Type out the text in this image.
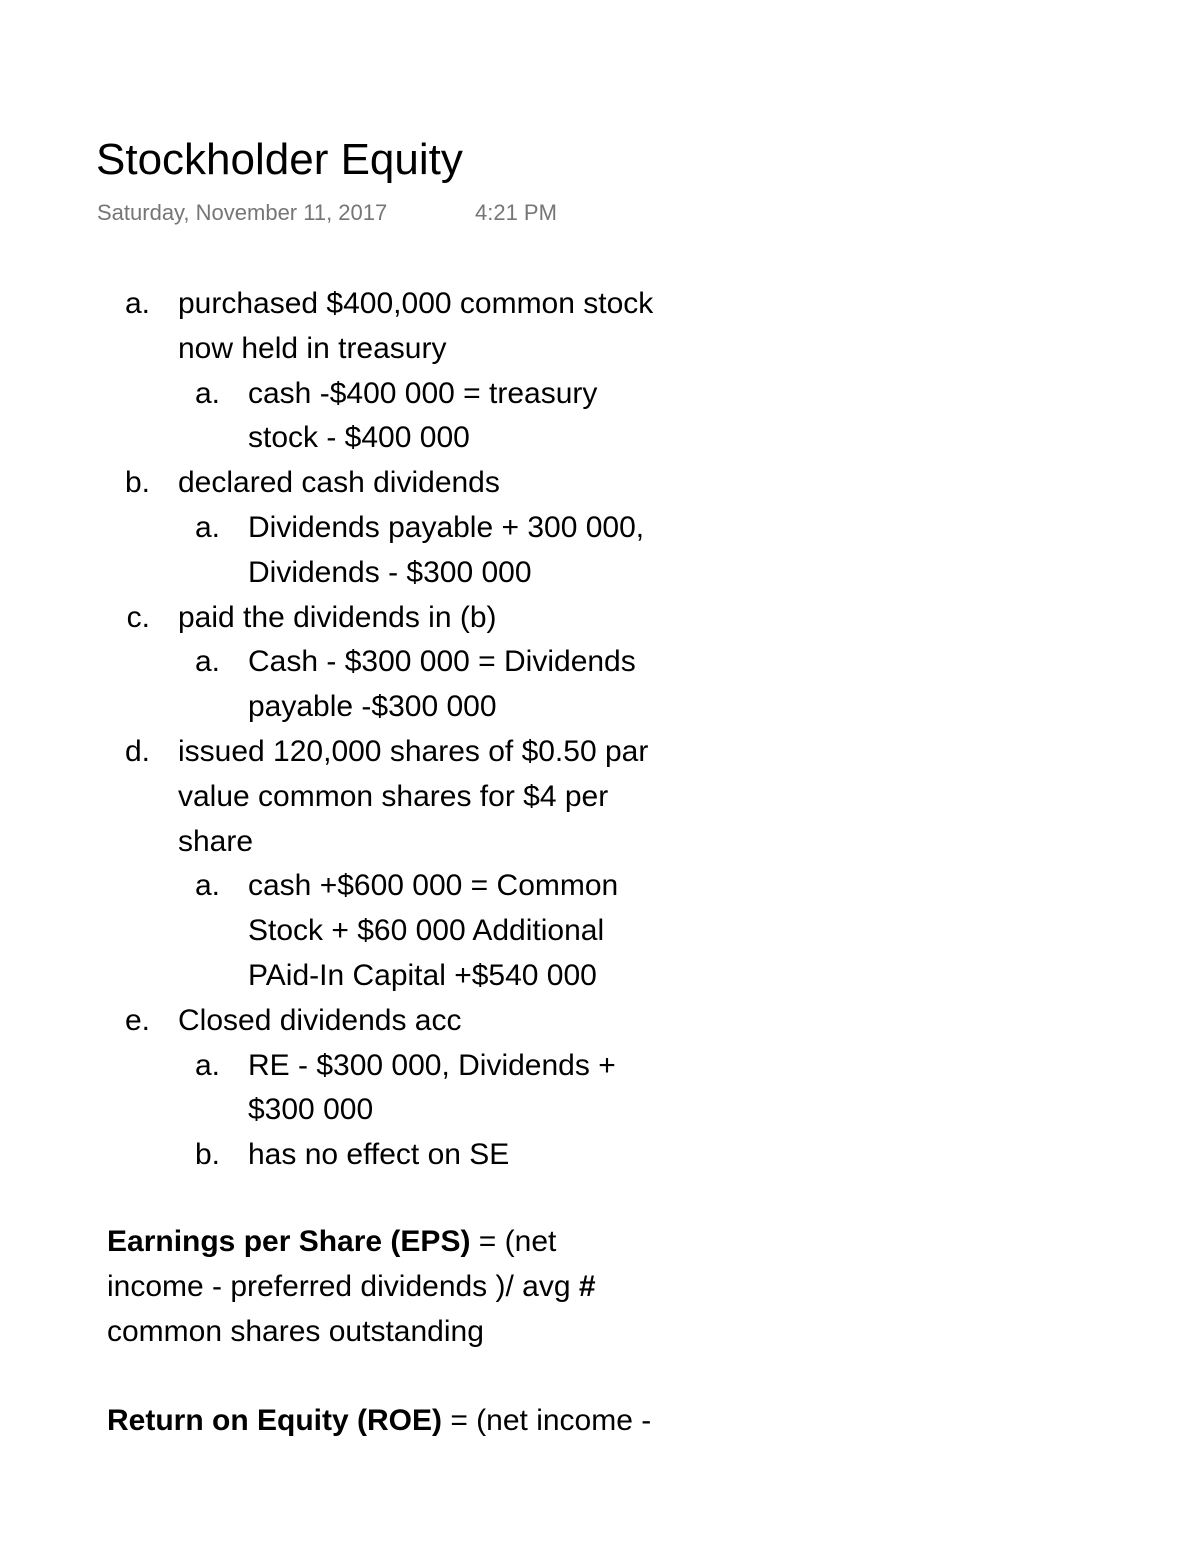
Stockholder Equity
Saturday, November 11, 2017	4:21 PM
a. purchased $400,000 common stock
now held in treasury
a. cash -$400 000 = treasury
stock - $400 000
b. declared cash dividends
a. Dividends payable + 300 000,
Dividends - $300 000
c. paid the dividends in (b)
a. Cash - $300 000 = Dividends
payable -$300 000
d. issued 120,000 shares of $0.50 par
value common shares for $4 per
share
a. cash +$600 000 = Common
Stock + $60 000 Additional
PAid-In Capital +$540 000
e. Closed dividends acc
a. RE - $300 000, Dividends +
$300 000
b. has no effect on SE
Earnings per Share (EPS) = (net
income - preferred dividends )/ avg #
common shares outstanding
Return on Equity (ROE) = (net income -
